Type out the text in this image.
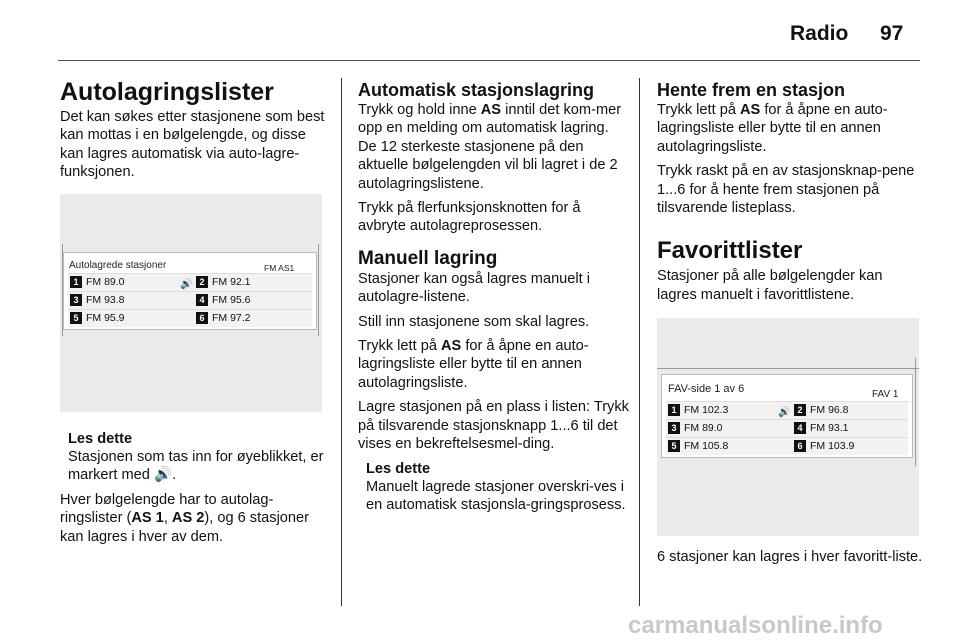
Radio 97
Autolagringslister

Det kan søkes etter stasjonene som best kan mottas i en bølgelengde, og disse kan lagres automatisk via auto-lagre-funksjonen.

Autolagrede stasjoner	FM AS1
1 FM 89.0	🔊 2 FM 92.1
3 FM 93.8	4 FM 95.6
5 FM 95.9	6 FM 97.2
Les dette

Stasjonen som tas inn for øyeblikket, er markert med 🔊.

Hver bølgelengde har to autolag-ringslister (AS 1, AS 2), og 6 stasjoner kan lagres i hver av dem.

Automatisk stasjonslagring

Trykk og hold inne AS inntil det kom-mer opp en melding om automatisk lagring. De 12 sterkeste stasjonene på den aktuelle bølgelengden vil bli lagret i de 2 autolagringslistene.

Trykk på flerfunksjonsknotten for å avbryte autolagreprosessen.

Manuell lagring

Stasjoner kan også lagres manuelt i autolagre-listene.

Still inn stasjonene som skal lagres.

Trykk lett på AS for å åpne en auto-lagringsliste eller bytte til en annen autolagringsliste.

Lagre stasjonen på en plass i listen: Trykk på tilsvarende stasjonsknapp 1...6 til det vises en bekreftelsesmel-ding.

Les dette

Manuelt lagrede stasjoner overskri-ves i en automatisk stasjonsla-gringsprosess.

Hente frem en stasjon

Trykk lett på AS for å åpne en auto-lagringsliste eller bytte til en annen autolagringsliste.

Trykk raskt på en av stasjonsknap-pene 1...6 for å hente frem stasjonen på tilsvarende listeplass.

Favorittlister

Stasjoner på alle bølgelengder kan lagres manuelt i favorittlistene.

FAV-side 1 av 6	FAV 1
1 FM 102.3	🔊 2 FM 96.8
3 FM 89.0	4 FM 93.1
5 FM 105.8	6 FM 103.9

6 stasjoner kan lagres i hver favoritt-liste.

carmanualsonline.info
